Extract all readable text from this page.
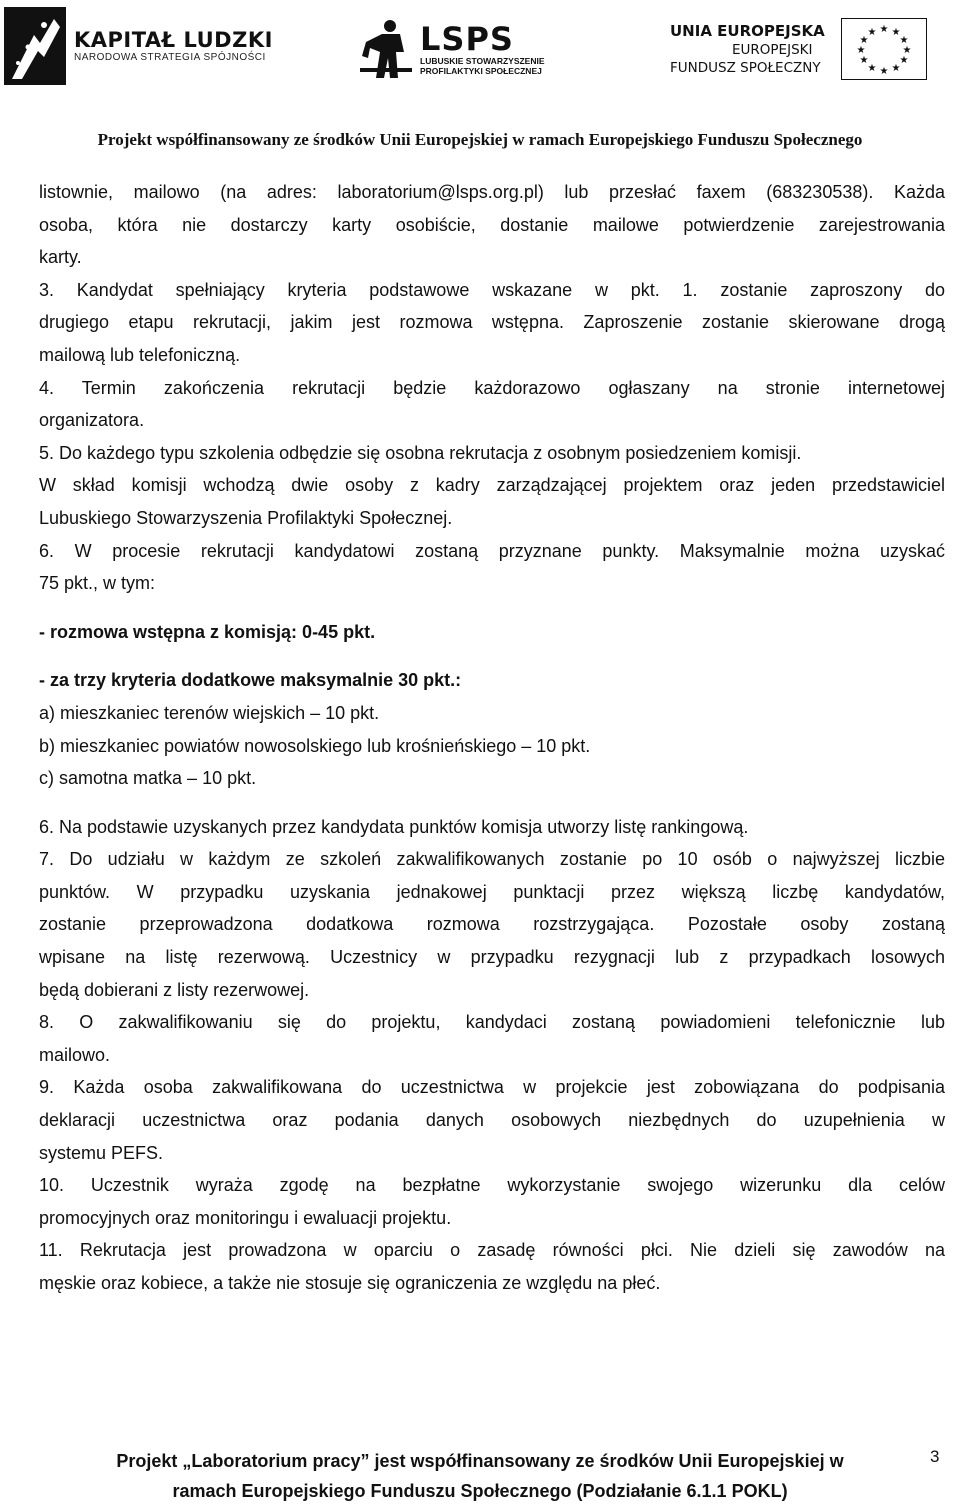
KAPITAŁ LUDZKI
NARODOWA STRATEGIA SPÓJNOŚCI	LSPS
LUBUSKIE STOWARZYSZENIE
PROFILAKTYKI SPOŁECZNEJ
UNIA EUROPEJSKA
EUROPEJSKI
FUNDUSZ SPOŁECZNY
★ ★
★
★
★
★
★
★
★
★
★
★
Projekt współfinansowany ze środków Unii Europejskiej w ramach Europejskiego Funduszu Społecznego
listownie, mailowo (na adres: laboratorium@lsps.org.pl) lub przesłać faxem (683230538). Każda
osoba, która nie dostarczy karty osobiście, dostanie mailowe potwierdzenie zarejestrowania
karty.
3. Kandydat spełniający kryteria podstawowe wskazane w pkt. 1. zostanie zaproszony do
drugiego etapu rekrutacji, jakim jest rozmowa wstępna. Zaproszenie zostanie skierowane drogą
mailową lub telefoniczną.
4. Termin zakończenia rekrutacji będzie każdorazowo ogłaszany na stronie internetowej
organizatora.
5. Do każdego typu szkolenia odbędzie się osobna rekrutacja z osobnym posiedzeniem komisji.
W skład komisji wchodzą dwie osoby z kadry zarządzającej projektem oraz jeden przedstawiciel
Lubuskiego Stowarzyszenia Profilaktyki Społecznej.
6. W procesie rekrutacji kandydatowi zostaną przyznane punkty. Maksymalnie można uzyskać
75 pkt., w tym:
- rozmowa wstępna z komisją: 0-45 pkt.
- za trzy kryteria dodatkowe maksymalnie 30 pkt.:
a) mieszkaniec terenów wiejskich – 10 pkt.
b) mieszkaniec powiatów nowosolskiego lub krośnieńskiego – 10 pkt.
c) samotna matka – 10 pkt.
6. Na podstawie uzyskanych przez kandydata punktów komisja utworzy listę rankingową.
7. Do udziału w każdym ze szkoleń zakwalifikowanych zostanie po 10 osób o najwyższej liczbie
punktów. W przypadku uzyskania jednakowej punktacji przez większą liczbę kandydatów,
zostanie przeprowadzona dodatkowa rozmowa rozstrzygająca. Pozostałe osoby zostaną
wpisane na listę rezerwową. Uczestnicy w przypadku rezygnacji lub z przypadkach losowych
będą dobierani z listy rezerwowej.
8. O zakwalifikowaniu się do projektu, kandydaci zostaną powiadomieni telefonicznie lub
mailowo.
9. Każda osoba zakwalifikowana do uczestnictwa w projekcie jest zobowiązana do podpisania
deklaracji uczestnictwa oraz podania danych osobowych niezbędnych do uzupełnienia w
systemu PEFS.
10. Uczestnik wyraża zgodę na bezpłatne wykorzystanie swojego wizerunku dla celów
promocyjnych oraz monitoringu i ewaluacji projektu.
11. Rekrutacja jest prowadzona w oparciu o zasadę równości płci. Nie dzieli się zawodów na
męskie oraz kobiece, a także nie stosuje się ograniczenia ze względu na płeć.
Projekt „Laboratorium pracy” jest współfinansowany ze środków Unii Europejskiej w
ramach Europejskiego Funduszu Społecznego (Podziałanie 6.1.1 POKL)
3
